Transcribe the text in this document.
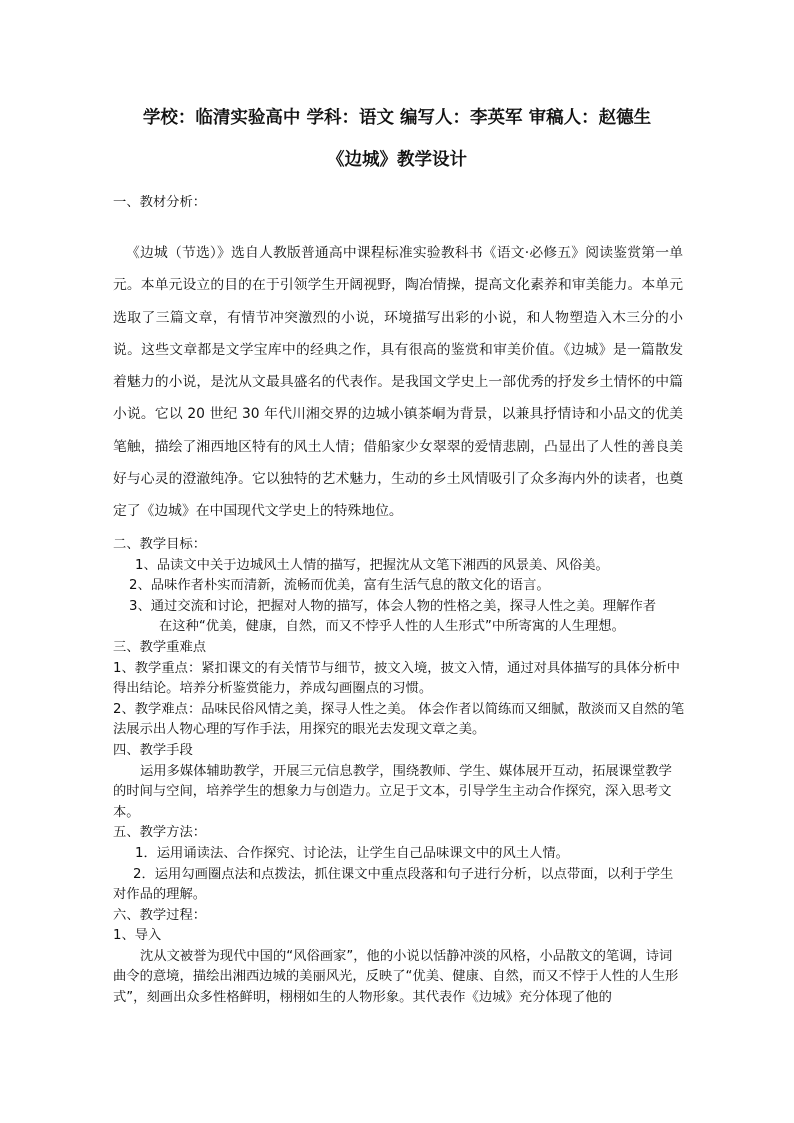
学校：临清实验高中 学科：语文 编写人：李英军 审稿人：赵德生
《边城》教学设计
一、教材分析：

《边城（节选）》选自人教版普通高中课程标准实验教科书《语文·必修五》阅读鉴赏第一单元。本单元设立的目的在于引领学生开阔视野，陶冶情操，提高文化素养和审美能力。本单元选取了三篇文章，有情节冲突激烈的小说，环境描写出彩的小说，和人物塑造入木三分的小说。这些文章都是文学宝库中的经典之作，具有很高的鉴赏和审美价值。《边城》是一篇散发着魅力的小说，是沈从文最具盛名的代表作。是我国文学史上一部优秀的抒发乡土情怀的中篇小说。它以 20 世纪 30 年代川湘交界的边城小镇茶峒为背景，以兼具抒情诗和小品文的优美笔触，描绘了湘西地区特有的风土人情；借船家少女翠翠的爱情悲剧，凸显出了人性的善良美好与心灵的澄澈纯净。它以独特的艺术魅力，生动的乡土风情吸引了众多海内外的读者，也奠定了《边城》在中国现代文学史上的特殊地位。

二、教学目标：

1、品读文中关于边城风土人情的描写，把握沈从文笔下湘西的风景美、风俗美。

2、品味作者朴实而清新，流畅而优美，富有生活气息的散文化的语言。

3、通过交流和讨论，把握对人物的描写，体会人物的性格之美，探寻人性之美。理解作者

在这种“优美，健康，自然，而又不悖乎人性的人生形式”中所寄寓的人生理想。

三、教学重难点

1、教学重点：紧扣课文的有关情节与细节，披文入境，披文入情，通过对具体描写的具体分析中得出结论。培养分析鉴赏能力，养成勾画圈点的习惯。

2、教学难点：品味民俗风情之美，探寻人性之美。 体会作者以简练而又细腻，散淡而又自然的笔法展示出人物心理的写作手法，用探究的眼光去发现文章之美。

四、教学手段

运用多媒体辅助教学，开展三元信息教学，围绕教师、学生、媒体展开互动，拓展课堂教学的时间与空间，培养学生的想象力与创造力。立足于文本，引导学生主动合作探究，深入思考文本。

五、教学方法：

1．运用诵读法、合作探究、讨论法，让学生自己品味课文中的风土人情。

2．运用勾画圈点法和点拨法，抓住课文中重点段落和句子进行分析，以点带面，以利于学生对作品的理解。

六、教学过程：

1、导入

沈从文被誉为现代中国的“风俗画家”，他的小说以恬静冲淡的风格，小品散文的笔调，诗词曲令的意境，描绘出湘西边城的美丽风光，反映了“优美、健康、自然，而又不悖于人性的人生形式”，刻画出众多性格鲜明，栩栩如生的人物形象。其代表作《边城》充分体现了他的
